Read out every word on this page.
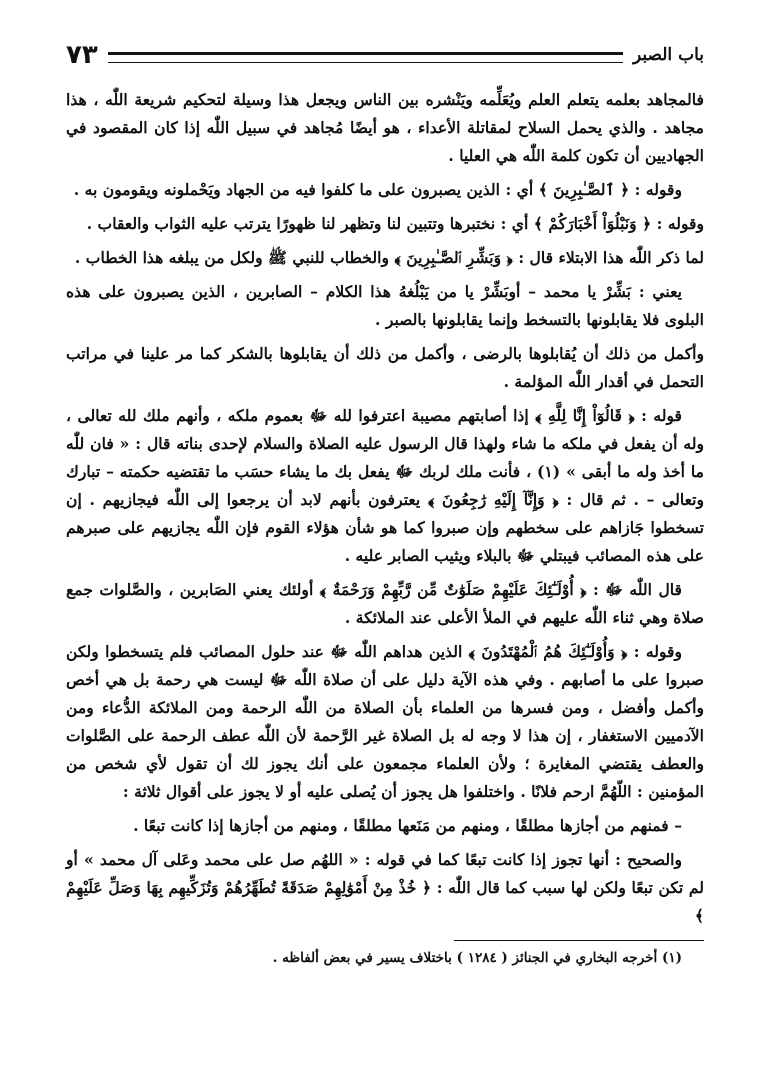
باب الصبر
٧٣

فالمجاهد بعلمه يتعلم العلم ويُعَلِّمه ويَنْشره بين الناس ويجعل هذا وسيلة لتحكيم شريعة اللّٰه ، هذا مجاهد . والذي يحمل السلاح لمقاتلة الأعداء ، هو أيضًا مُجاهد في سبيل اللّٰه إذا كان المقصود في الجهاديين أن تكون كلمة اللّٰه هي العليا .

وقوله : ﴿ ٱلصَّـٰبِرِينَ ﴾ أي : الذين يصبرون على ما كلفوا فيه من الجهاد ويَحْملونه ويقومون به .

وقوله : ﴿ وَنَبْلُوَاْ أَخْبَارَكُمْ ﴾ أي : نختبرها وتتبين لنا وتظهر لنا ظهورًا يترتب عليه الثواب والعقاب .

لما ذكر اللّٰه هذا الابتلاء قال : ﴿ وَبَشِّرِ ٱلصَّـٰبِرِينَ ﴾ والخطاب للنبي ﷺ ولكل من يبلغه هذا الخطاب .

يعني : بَشِّرْ يا محمد – أوبَشِّرْ يا من يَبْلُغهُ هذا الكلام – الصابرين ، الذين يصبرون على هذه البلوى فلا يقابلونها بالتسخط وإنما يقابلونها بالصبر .

وأكمل من ذلك أن يُقابلوها بالرضى ، وأكمل من ذلك أن يقابلوها بالشكر كما مر علينا في مراتب التحمل في أقدار اللّٰه المؤلمة .

قوله : ﴿ قَالُوٓاْ إِنَّا لِلَّهِ ﴾ إذا أصابتهم مصيبة اعترفوا لله ﷻ بعموم ملكه ، وأنهم ملك لله تعالى ، وله أن يفعل في ملكه ما شاء ولهذا قال الرسول عليه الصلاة والسلام لإحدى بناته قال : « فان للّٰه ما أخذ وله ما أبقى » (١) ، فأنت ملك لربك ﷻ يفعل بك ما يشاء حسَب ما تقتضيه حكمته – تبارك وتعالى – . ثم قال : ﴿ وَإِنَّآ إِلَيْهِ رَٰجِعُونَ ﴾ يعترفون بأنهم لابد أن يرجعوا إلى اللّٰه فيجازيهم . إن تسخطوا جَازاهم على سخطهم وإن صبروا كما هو شأن هؤلاء القوم فإن اللّٰه يجازيهم على صبرهم على هذه المصائب فيبتلي ﷻ بالبلاء ويثيب الصابر عليه .

قال اللّٰه ﷻ : ﴿ أُوْلَـٰٓئِكَ عَلَيْهِمْ صَلَوَٰتٌ مِّن رَّبِّهِمْ وَرَحْمَةٌ ﴾ أولئك يعني الصَابرين ، والصَّلوات جمع صلاة وهي ثناء اللّٰه عليهم في الملأ الأعلى عند الملائكة .

وقوله : ﴿ وَأُوْلَـٰٓئِكَ هُمُ ٱلْمُهْتَدُونَ ﴾ الذين هداهم اللّٰه ﷻ عند حلول المصائب فلم يتسخطوا ولكن صبروا على ما أصابهم . وفي هذه الآية دليل على أن صلاة اللّٰه ﷻ ليست هي رحمة بل هي أخص وأكمل وأفضل ، ومن فسرها من العلماء بأن الصلاة من اللّٰه الرحمة ومن الملائكة الدُّعاء ومن الآدميين الاستغفار ، إن هذا لا وجه له بل الصلاة غير الرَّحمة لأن اللّٰه عطف الرحمة على الصَّلوات والعطف يقتضي المغايرة ؛ ولأن العلماء مجمعون على أنك يجوز لك أن تقول لأي شخص من المؤمنين : اللّهُمَّ ارحم فلانًا . واختلفوا هل يجوز أن يُصلى عليه أو لا يجوز على أقوال ثلاثة :

– فمنهم من أجازها مطلقًا ، ومنهم من مَنَعها مطلقًا ، ومنهم من أجازها إذا كانت تبعًا .

والصحيح : أنها تجوز إذا كانت تبعًا كما في قوله : « اللهُم صل على محمد وعَلى آل محمد » أو لم تكن تبعًا ولكن لها سبب كما قال اللّٰه : ﴿ خُذْ مِنْ أَمْوَٰلِهِمْ صَدَقَةً تُطَهِّرُهُمْ وَتُزَكِّيهِم بِهَا وَصَلِّ عَلَيْهِمْ ﴾

(١) أخرجه البخاري في الجنائز ( ١٢٨٤ ) باختلاف يسير في بعض ألفاظه .
